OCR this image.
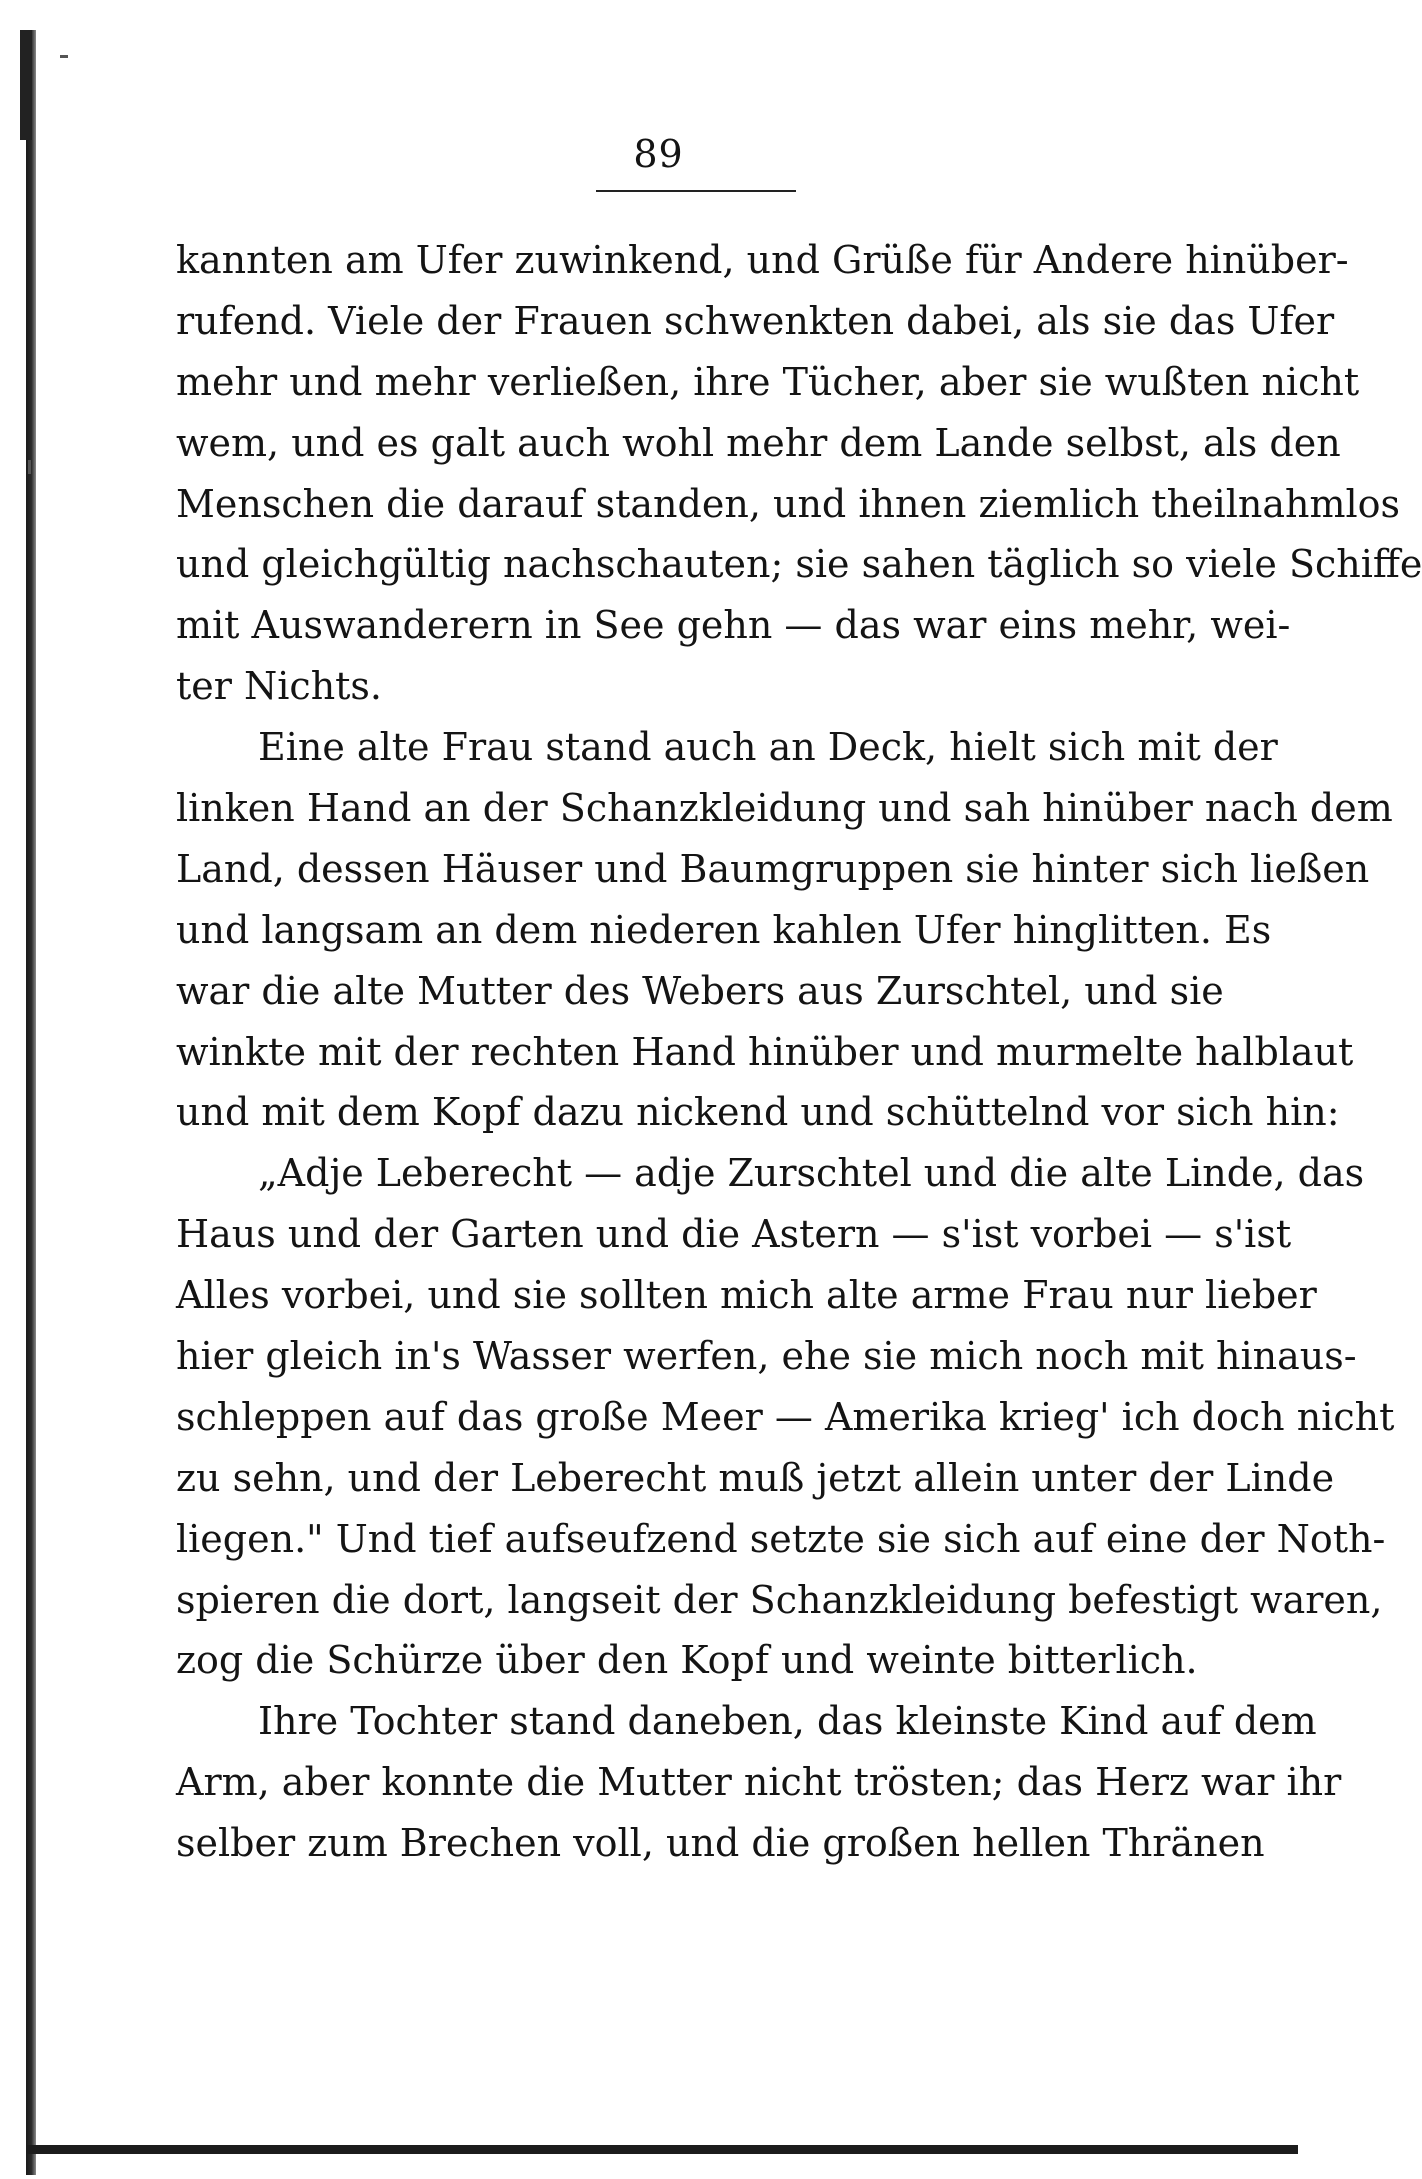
89
kannten am Ufer zuwinkend, und Grüße für Andere hinüber-
rufend. Viele der Frauen schwenkten dabei, als sie das Ufer
mehr und mehr verließen, ihre Tücher, aber sie wußten nicht
wem, und es galt auch wohl mehr dem Lande selbst, als den
Menschen die darauf standen, und ihnen ziemlich theilnahmlos
und gleichgültig nachschauten; sie sahen täglich so viele Schiffe
mit Auswanderern in See gehn — das war eins mehr, wei-
ter Nichts.
Eine alte Frau stand auch an Deck, hielt sich mit der
linken Hand an der Schanzkleidung und sah hinüber nach dem
Land, dessen Häuser und Baumgruppen sie hinter sich ließen
und langsam an dem niederen kahlen Ufer hinglitten. Es
war die alte Mutter des Webers aus Zurschtel, und sie
winkte mit der rechten Hand hinüber und murmelte halblaut
und mit dem Kopf dazu nickend und schüttelnd vor sich hin:
„Adje Leberecht — adje Zurschtel und die alte Linde, das
Haus und der Garten und die Astern — s'ist vorbei — s'ist
Alles vorbei, und sie sollten mich alte arme Frau nur lieber
hier gleich in's Wasser werfen, ehe sie mich noch mit hinaus-
schleppen auf das große Meer — Amerika krieg' ich doch nicht
zu sehn, und der Leberecht muß jetzt allein unter der Linde
liegen." Und tief aufseufzend setzte sie sich auf eine der Noth-
spieren die dort, langseit der Schanzkleidung befestigt waren,
zog die Schürze über den Kopf und weinte bitterlich.
Ihre Tochter stand daneben, das kleinste Kind auf dem
Arm, aber konnte die Mutter nicht trösten; das Herz war ihr
selber zum Brechen voll, und die großen hellen Thränen
